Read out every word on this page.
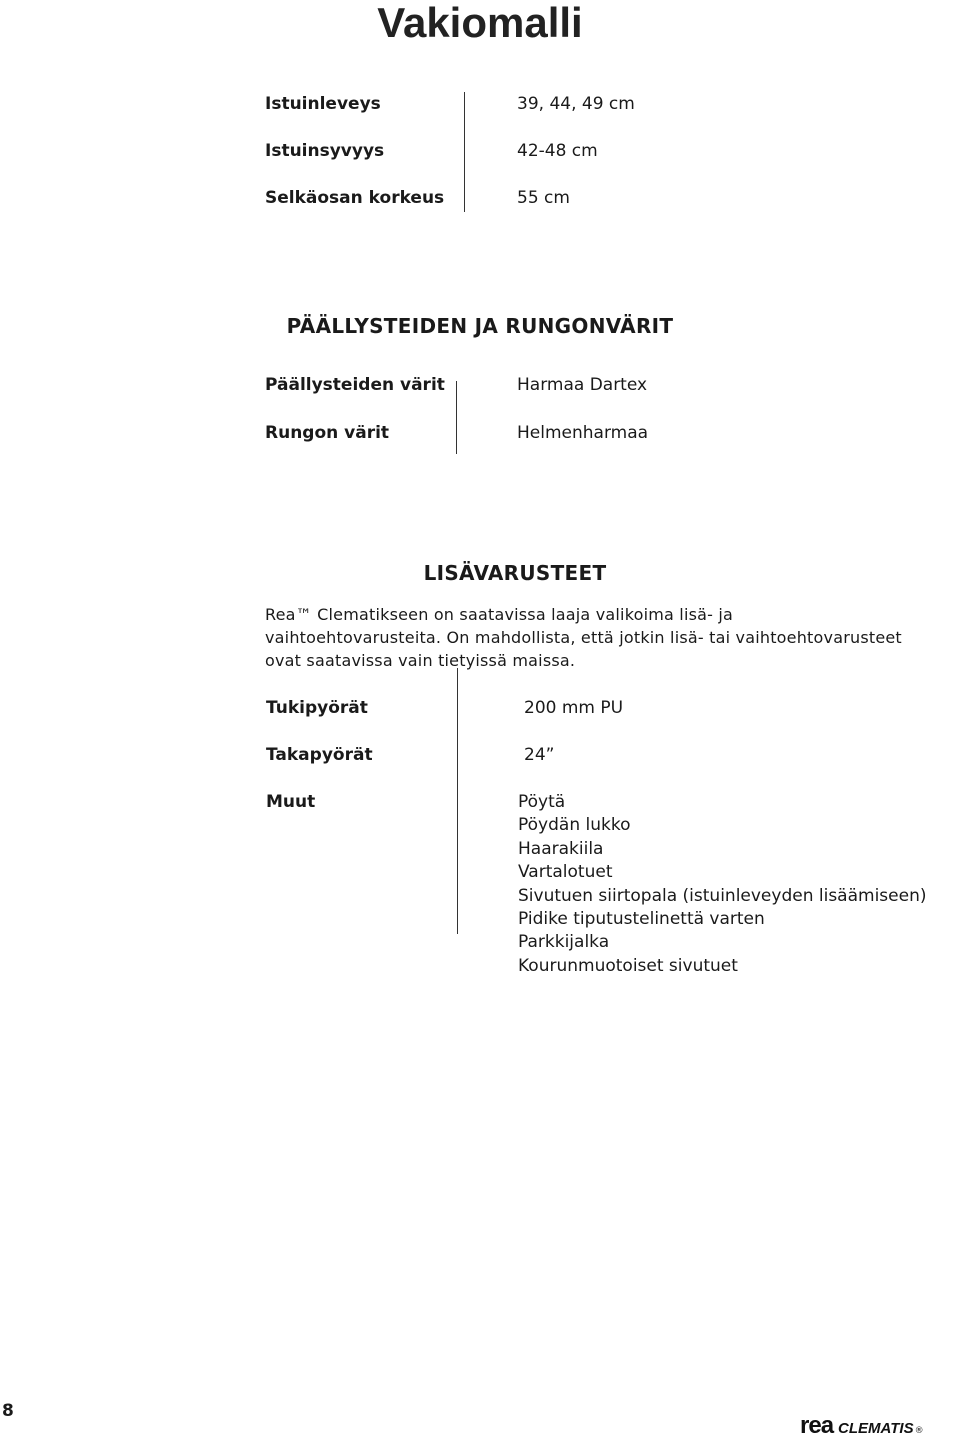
Vakiomalli
Istuinleveys	39, 44, 49 cm
Istuinsyvyys	42-48 cm
Selkäosan korkeus	55 cm
PÄÄLLYSTEIDEN JA RUNGONVÄRIT
Päällysteiden värit	Harmaa Dartex
Rungon värit	Helmenharmaa
LISÄVARUSTEET
Rea™ Clematikseen on saatavissa laaja valikoima lisä- ja vaihtoehtovarusteita. On mahdollista, että jotkin lisä- tai vaihtoehtovarusteet ovat saatavissa vain tietyissä maissa.
Tukipyörät	200 mm PU
Takapyörät	24”
Muut	Pöytä
Pöydän lukko
Haarakiila
Vartalotuet
Sivutuen siirtopala (istuinleveyden lisäämiseen)
Pidike tiputustelinettä varten
Parkkijalka
Kourunmuotoiset sivutuet
8
rea CLEMATIS ®
